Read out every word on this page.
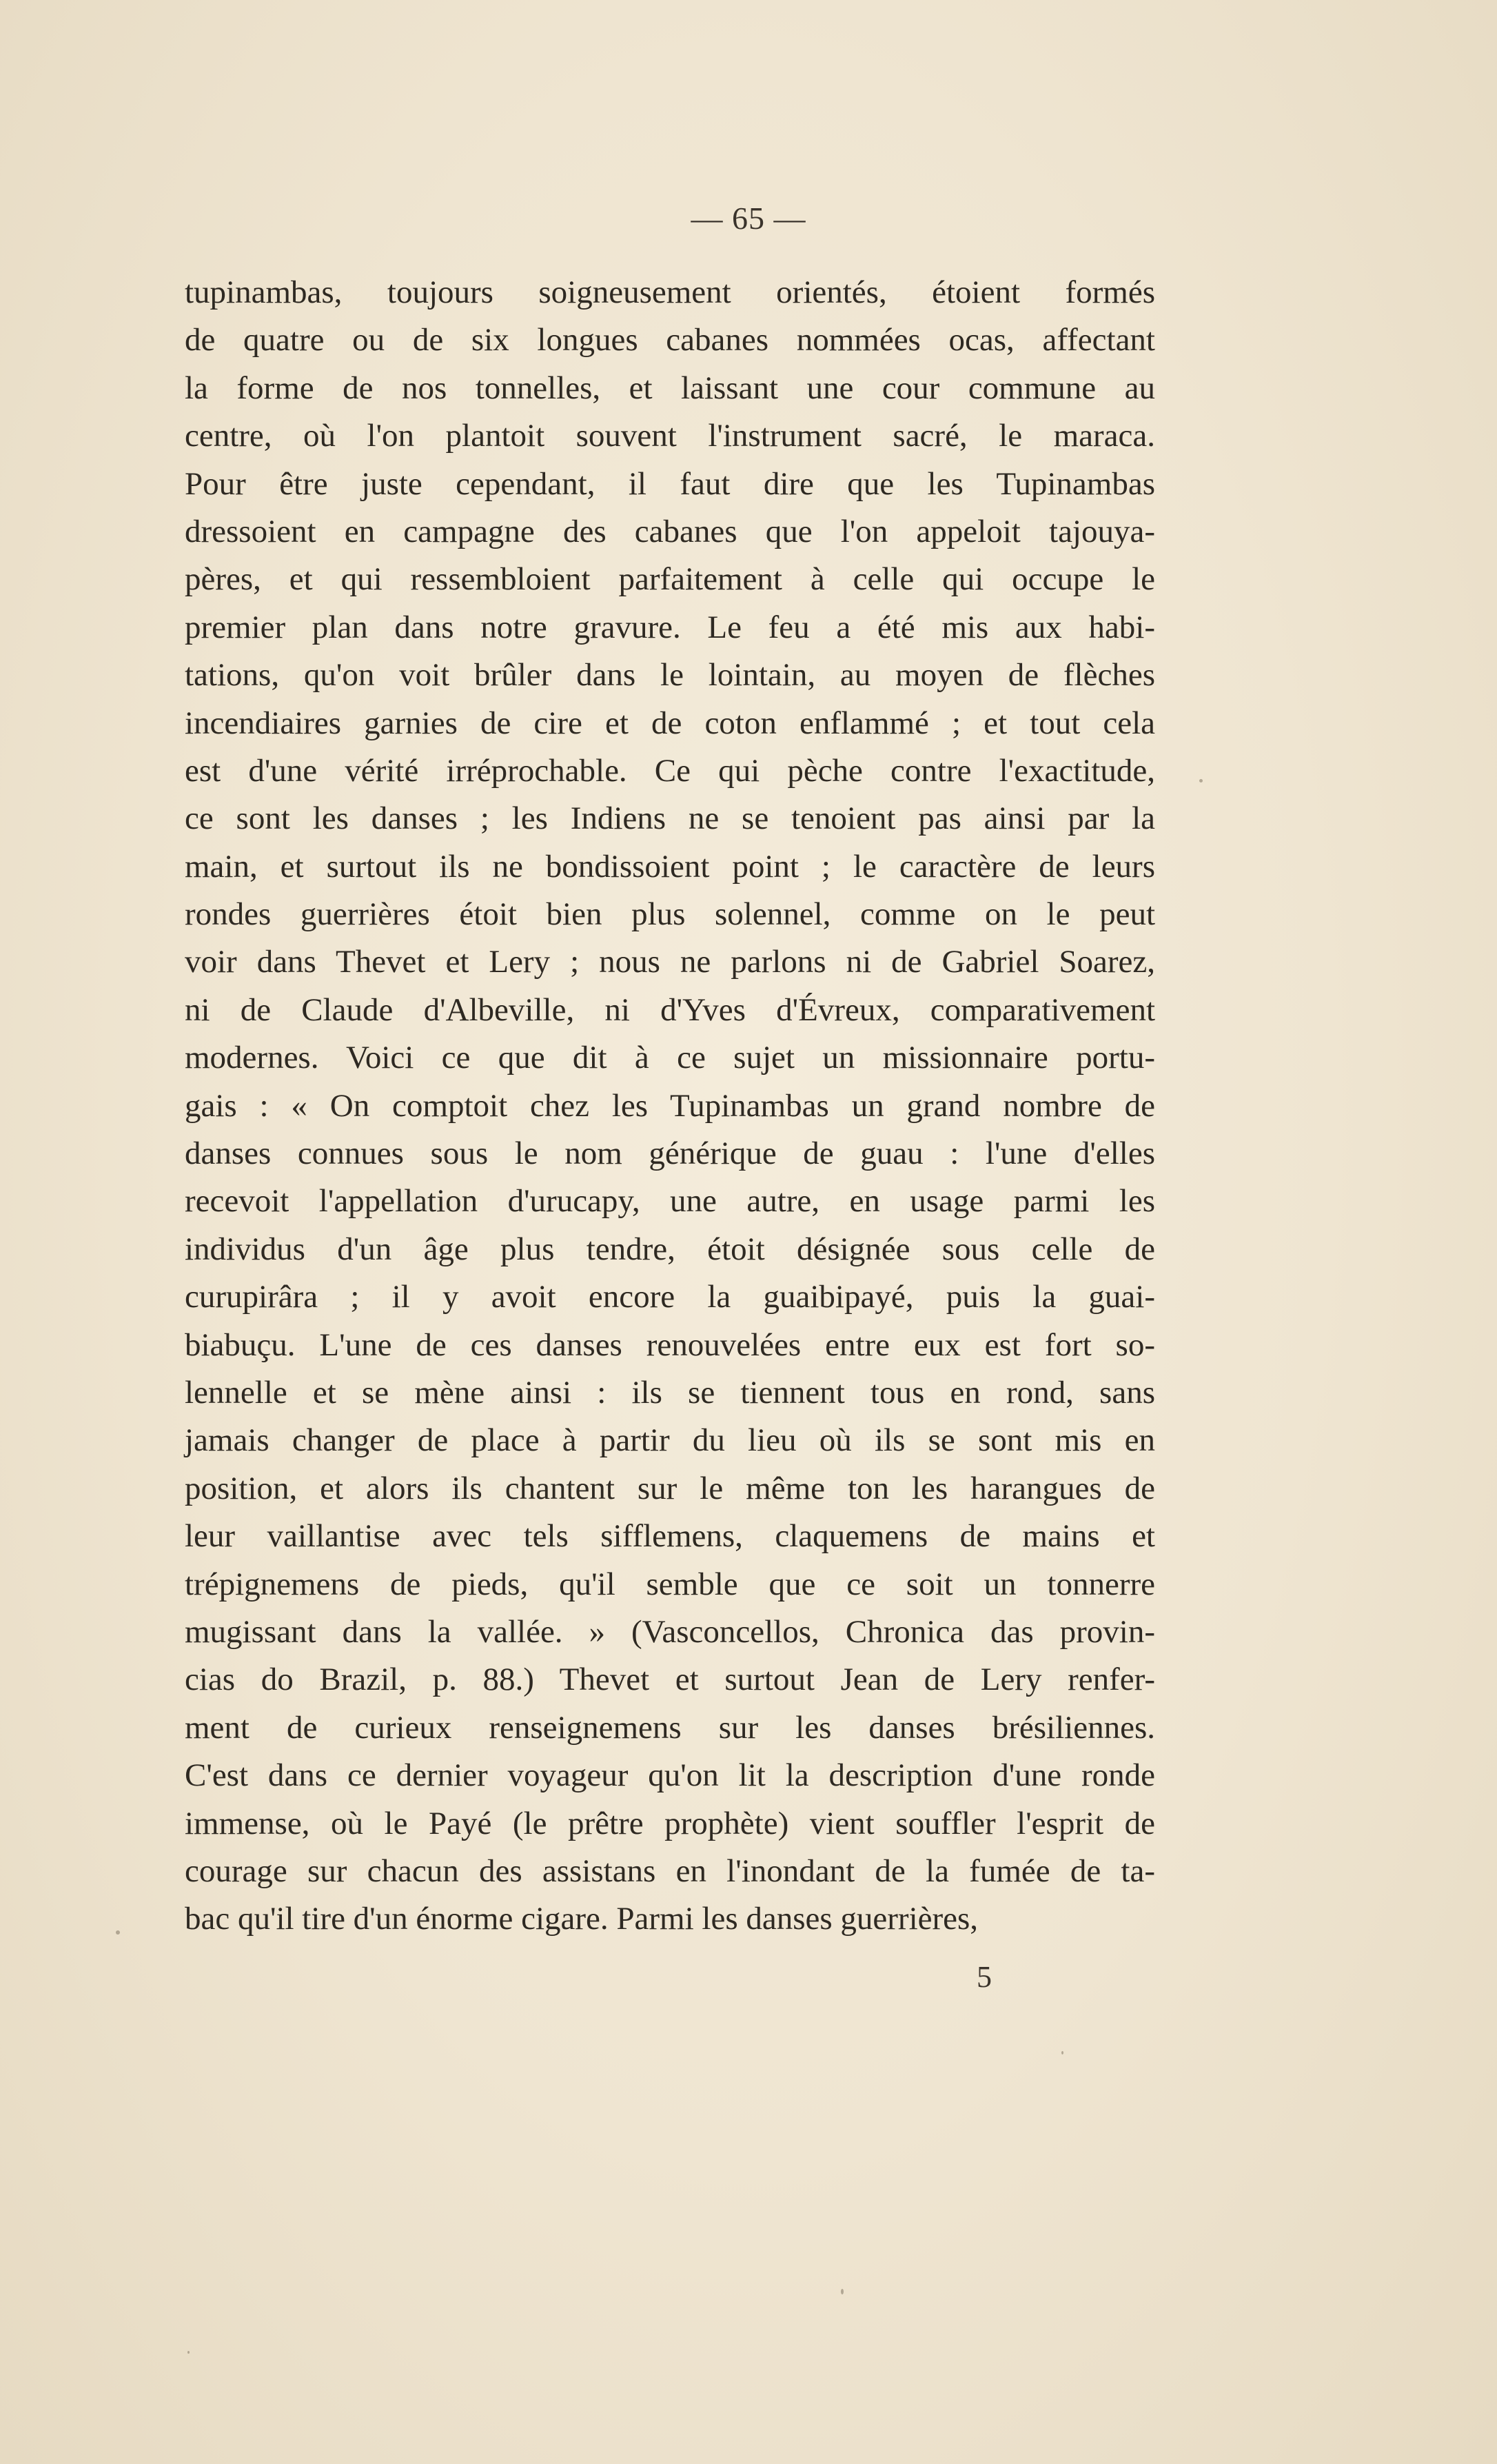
— 65 —
tupinambas, toujours soigneusement orientés, étoient formés
de quatre ou de six longues cabanes nommées ocas, affectant
la forme de nos tonnelles, et laissant une cour commune au
centre, où l'on plantoit souvent l'instrument sacré, le maraca.
Pour être juste cependant, il faut dire que les Tupinambas
dressoient en campagne des cabanes que l'on appeloit tajouya-
pères, et qui ressembloient parfaitement à celle qui occupe le
premier plan dans notre gravure. Le feu a été mis aux habi-
tations, qu'on voit brûler dans le lointain, au moyen de flèches
incendiaires garnies de cire et de coton enflammé ; et tout cela
est d'une vérité irréprochable. Ce qui pèche contre l'exactitude,
ce sont les danses ; les Indiens ne se tenoient pas ainsi par la
main, et surtout ils ne bondissoient point ; le caractère de leurs
rondes guerrières étoit bien plus solennel, comme on le peut
voir dans Thevet et Lery ; nous ne parlons ni de Gabriel Soarez,
ni de Claude d'Albeville, ni d'Yves d'Évreux, comparativement
modernes. Voici ce que dit à ce sujet un missionnaire portu-
gais : « On comptoit chez les Tupinambas un grand nombre de
danses connues sous le nom générique de guau : l'une d'elles
recevoit l'appellation d'urucapy, une autre, en usage parmi les
individus d'un âge plus tendre, étoit désignée sous celle de
curupirâra ; il y avoit encore la guaibipayé, puis la guai-
biabuçu. L'une de ces danses renouvelées entre eux est fort so-
lennelle et se mène ainsi : ils se tiennent tous en rond, sans
jamais changer de place à partir du lieu où ils se sont mis en
position, et alors ils chantent sur le même ton les harangues de
leur vaillantise avec tels sifflemens, claquemens de mains et
trépignemens de pieds, qu'il semble que ce soit un tonnerre
mugissant dans la vallée. » (Vasconcellos, Chronica das provin-
cias do Brazil, p. 88.) Thevet et surtout Jean de Lery renfer-
ment de curieux renseignemens sur les danses brésiliennes.
C'est dans ce dernier voyageur qu'on lit la description d'une ronde
immense, où le Payé (le prêtre prophète) vient souffler l'esprit de
courage sur chacun des assistans en l'inondant de la fumée de ta-
bac qu'il tire d'un énorme cigare. Parmi les danses guerrières,
5
